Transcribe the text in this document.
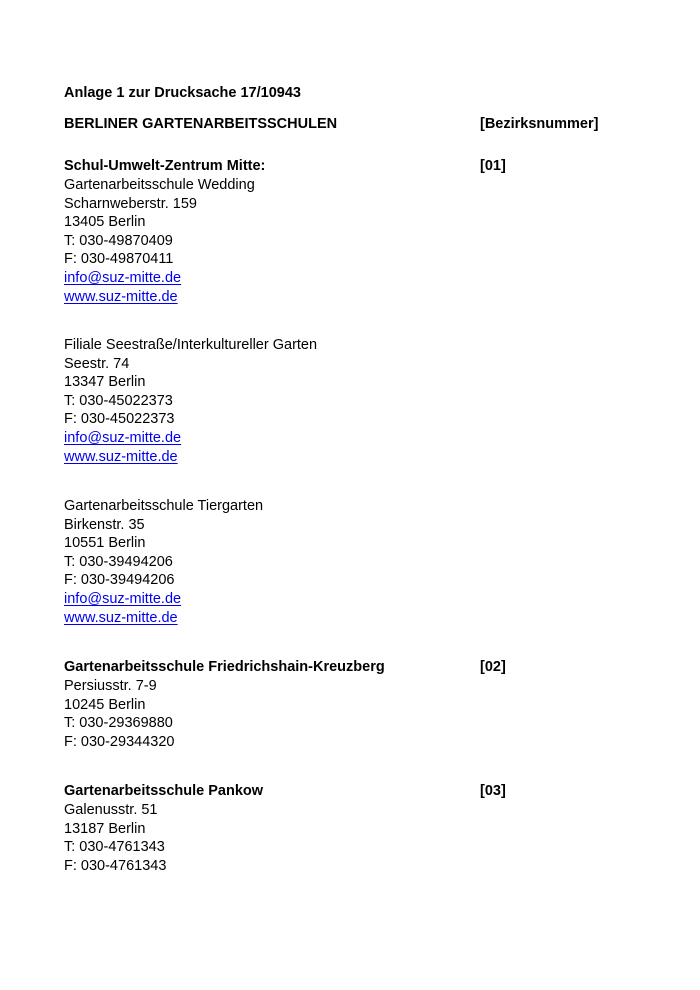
Anlage 1 zur Drucksache 17/10943
BERLINER GARTENARBEITSSCHULEN	[Bezirksnummer]
Schul-Umwelt-Zentrum Mitte:	[01]
Gartenarbeitsschule Wedding
Scharnweberstr. 159
13405 Berlin
T: 030-49870409
F: 030-49870411
info@suz-mitte.de
www.suz-mitte.de
Filiale Seestraße/Interkultureller Garten
Seestr. 74
13347 Berlin
T: 030-45022373
F: 030-45022373
info@suz-mitte.de
www.suz-mitte.de
Gartenarbeitsschule Tiergarten
Birkenstr. 35
10551 Berlin
T: 030-39494206
F: 030-39494206
info@suz-mitte.de
www.suz-mitte.de
Gartenarbeitsschule Friedrichshain-Kreuzberg	[02]
Persiusstr. 7-9
10245 Berlin
T: 030-29369880
F: 030-29344320
Gartenarbeitsschule Pankow	[03]
Galenusstr. 51
13187 Berlin
T: 030-4761343
F: 030-4761343
